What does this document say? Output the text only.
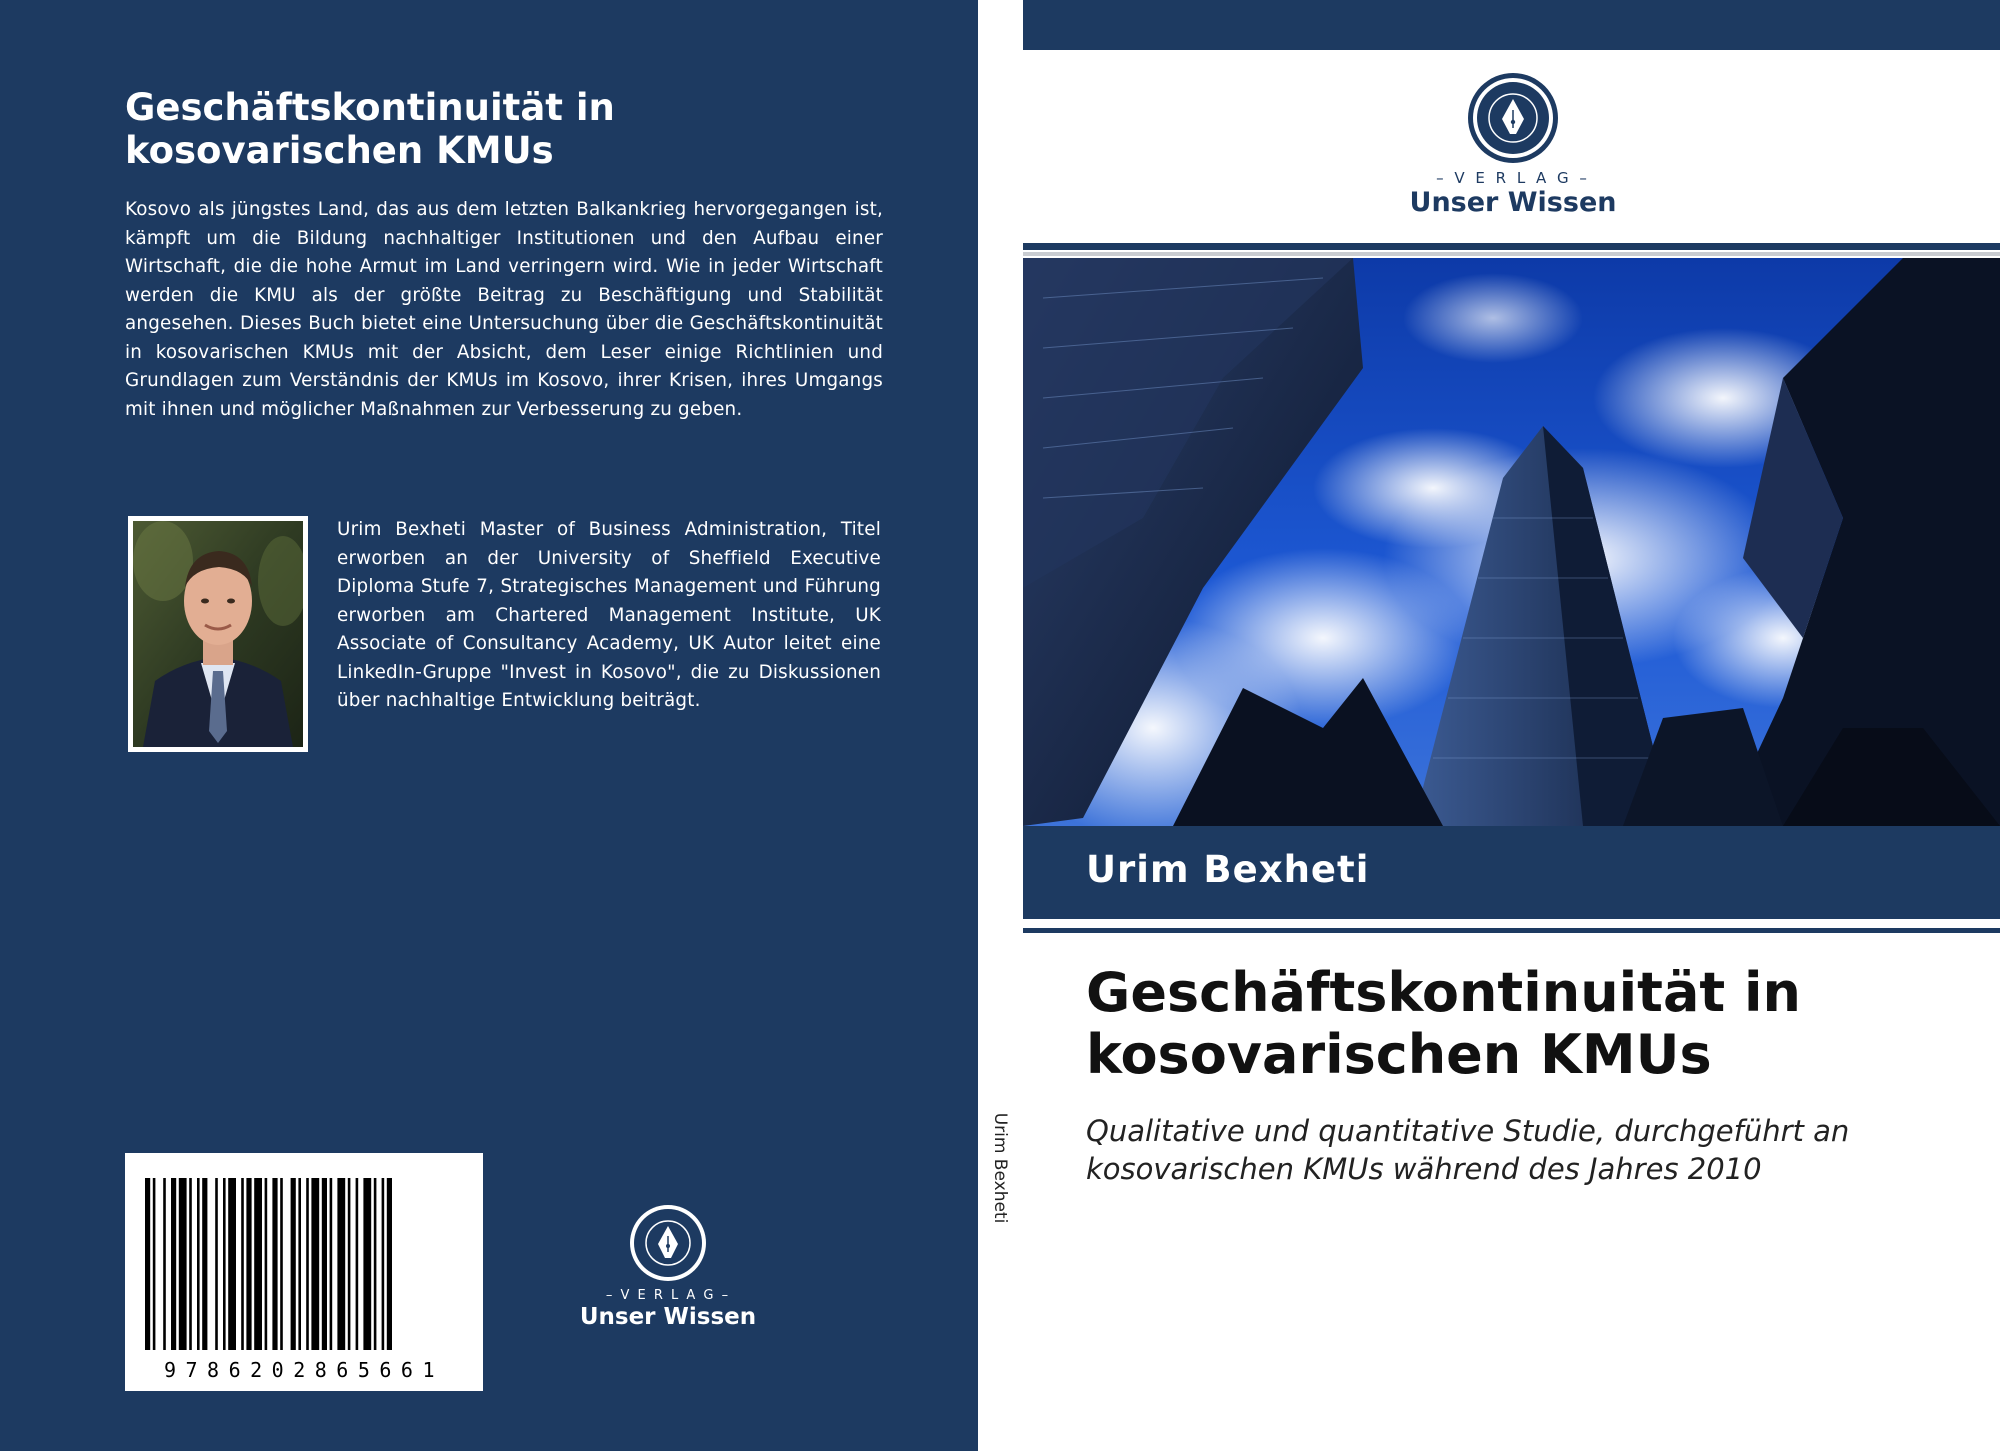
Geschäftskontinuität in
kosovarischen KMUs

Kosovo als jüngstes Land, das aus dem letzten Balkankrieg hervorgegangen ist, kämpft um die Bildung nachhaltiger Institutionen und den Aufbau einer Wirtschaft, die die hohe Armut im Land verringern wird. Wie in jeder Wirtschaft werden die KMU als der größte Beitrag zu Beschäftigung und Stabilität angesehen. Dieses Buch bietet eine Untersuchung über die Geschäftskontinuität in kosovarischen KMUs mit der Absicht, dem Leser einige Richtlinien und Grundlagen zum Verständnis der KMUs im Kosovo, ihrer Krisen, ihres Umgangs mit ihnen und möglicher Maßnahmen zur Verbesserung zu geben.

Urim Bexheti Master of Business Administration, Titel erworben an der University of Sheffield Executive Diploma Stufe 7, Strategisches Management und Führung erworben am Chartered Management Institute, UK Associate of Consultancy Academy, UK Autor leitet eine LinkedIn-Gruppe "Invest in Kosovo", die zu Diskussionen über nachhaltige Entwicklung beiträgt.

9786202865661
– V E R L A G –
Unser Wissen
Urim Bexheti
– V E R L A G –
Unser Wissen

Urim Bexheti

Geschäftskontinuität in
kosovarischen KMUs

Qualitative und quantitative Studie, durchgeführt an
kosovarischen KMUs während des Jahres 2010
